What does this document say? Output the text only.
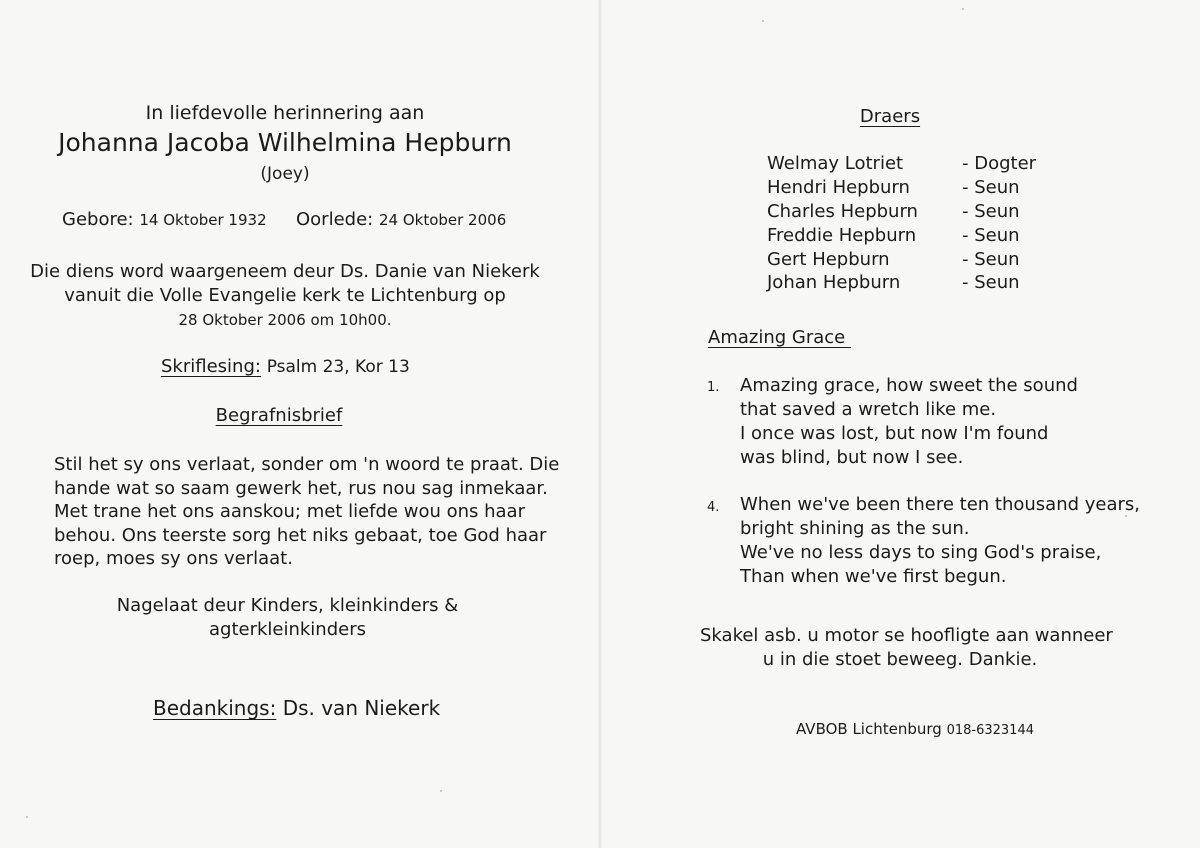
In liefdevolle herinnering aan
Johanna Jacoba Wilhelmina Hepburn
(Joey)
Gebore: 14 Oktober 1932 Oorlede: 24 Oktober 2006
Die diens word waargeneem deur Ds. Danie van Niekerk
vanuit die Volle Evangelie kerk te Lichtenburg op
28 Oktober 2006 om 10h00.
Skriflesing: Psalm 23, Kor 13
Begrafnisbrief
Stil het sy ons verlaat, sonder om 'n woord te praat. Die
hande wat so saam gewerk het, rus nou sag inmekaar.
Met trane het ons aanskou; met liefde wou ons haar
behou. Ons teerste sorg het niks gebaat, toe God haar
roep, moes sy ons verlaat.
Nagelaat deur Kinders, kleinkinders &
agterkleinkinders
Bedankings: Ds. van Niekerk
Draers
Welmay Lotriet	- Dogter
Hendri Hepburn	- Seun
Charles Hepburn - Seun
Freddie Hepburn	- Seun
Gert Hepburn	- Seun
Johan Hepburn	- Seun
Amazing Grace
1. Amazing grace, how sweet the sound
that saved a wretch like me.
I once was lost, but now I'm found
was blind, but now I see.
4. When we've been there ten thousand years,
bright shining as the sun.
We've no less days to sing God's praise,
Than when we've first begun.
Skakel asb. u motor se hoofligte aan wanneer
u in die stoet beweeg. Dankie.
AVBOB Lichtenburg 018-6323144
